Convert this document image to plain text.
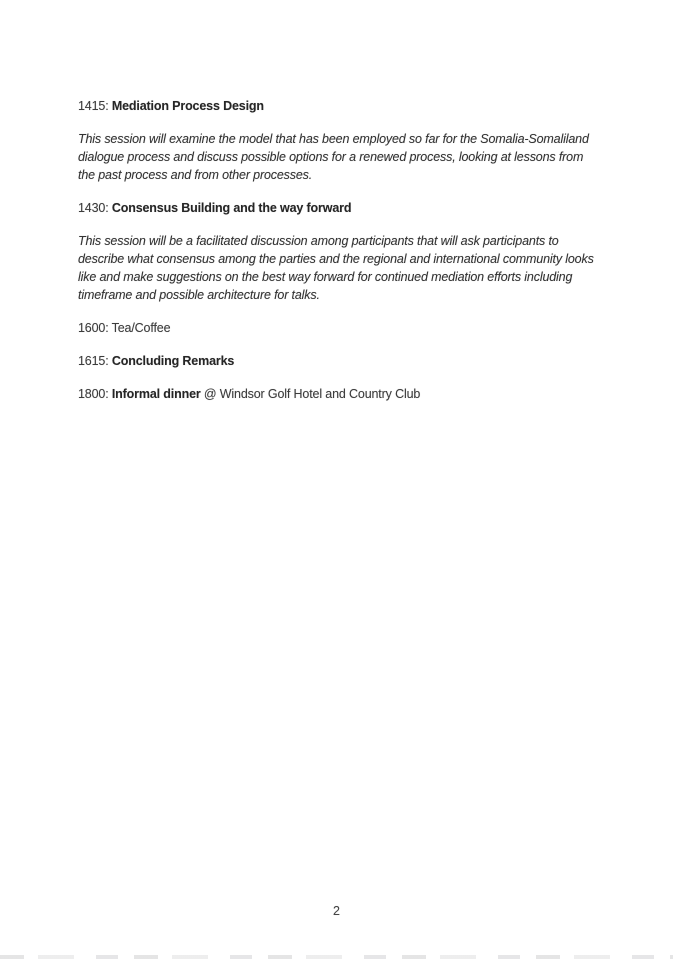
1415: Mediation Process Design

This session will examine the model that has been employed so far for the Somalia-Somaliland dialogue process and discuss possible options for a renewed process, looking at lessons from the past process and from other processes.

1430: Consensus Building and the way forward

This session will be a facilitated discussion among participants that will ask participants to describe what consensus among the parties and the regional and international community looks like and make suggestions on the best way forward for continued mediation efforts including timeframe and possible architecture for talks.

1600: Tea/Coffee

1615: Concluding Remarks

1800: Informal dinner @ Windsor Golf Hotel and Country Club

2
